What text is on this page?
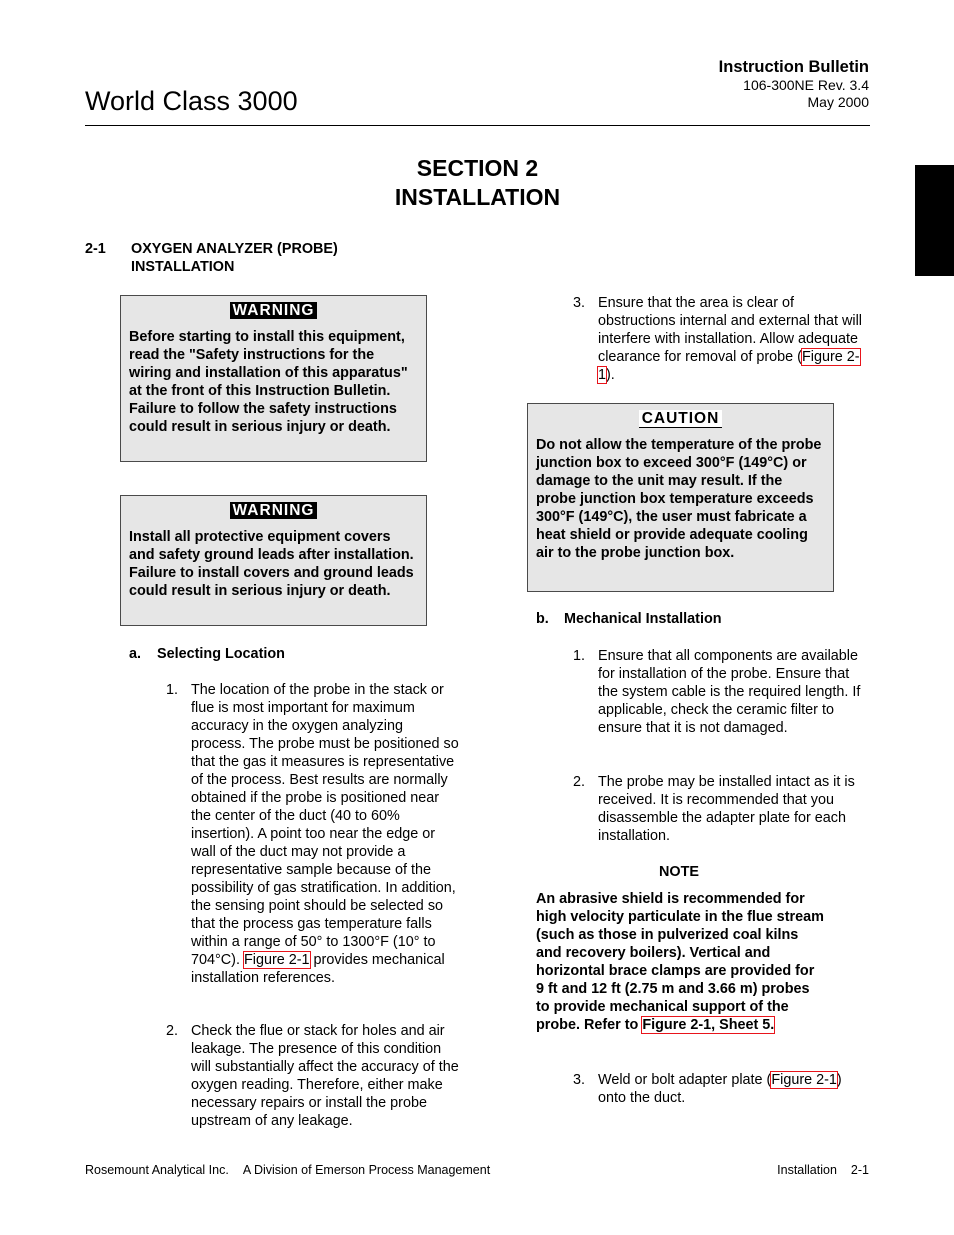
World Class 3000
Instruction Bulletin
106-300NE Rev. 3.4
May 2000
SECTION 2
INSTALLATION
2-1 OXYGEN ANALYZER (PROBE)
INSTALLATION
WARNING
Before starting to install this equipment, read the "Safety instructions for the wiring and installation of this apparatus" at the front of this Instruction Bulletin. Failure to follow the safety instructions could result in serious injury or death.
WARNING
Install all protective equipment covers and safety ground leads after installation. Failure to install covers and ground leads could result in serious injury or death.
a. Selecting Location
1. The location of the probe in the stack or flue is most important for maximum accuracy in the oxygen analyzing process. The probe must be positioned so that the gas it measures is representative of the process. Best results are normally obtained if the probe is positioned near the center of the duct (40 to 60% insertion). A point too near the edge or wall of the duct may not provide a representative sample because of the possibility of gas stratification. In addition, the sensing point should be selected so that the process gas temperature falls within a range of 50° to 1300°F (10° to 704°C). Figure 2-1 provides mechanical installation references.
2. Check the flue or stack for holes and air leakage. The presence of this condition will substantially affect the accuracy of the oxygen reading. Therefore, either make necessary repairs or install the probe upstream of any leakage.
3. Ensure that the area is clear of obstructions internal and external that will interfere with installation. Allow adequate clearance for removal of probe (Figure 2-1).
CAUTION
Do not allow the temperature of the probe junction box to exceed 300°F (149°C) or damage to the unit may result. If the probe junction box temperature exceeds 300°F (149°C), the user must fabricate a heat shield or provide adequate cooling air to the probe junction box.
b. Mechanical Installation
1. Ensure that all components are available for installation of the probe. Ensure that the system cable is the required length. If applicable, check the ceramic filter to ensure that it is not damaged.
2. The probe may be installed intact as it is received. It is recommended that you disassemble the adapter plate for each installation.
NOTE
An abrasive shield is recommended for high velocity particulate in the flue stream (such as those in pulverized coal kilns and recovery boilers). Vertical and horizontal brace clamps are provided for 9 ft and 12 ft (2.75 m and 3.66 m) probes to provide mechanical support of the probe. Refer to Figure 2-1, Sheet 5.
3. Weld or bolt adapter plate (Figure 2-1) onto the duct.
Rosemount Analytical Inc. A Division of Emerson Process Management	Installation 2-1
